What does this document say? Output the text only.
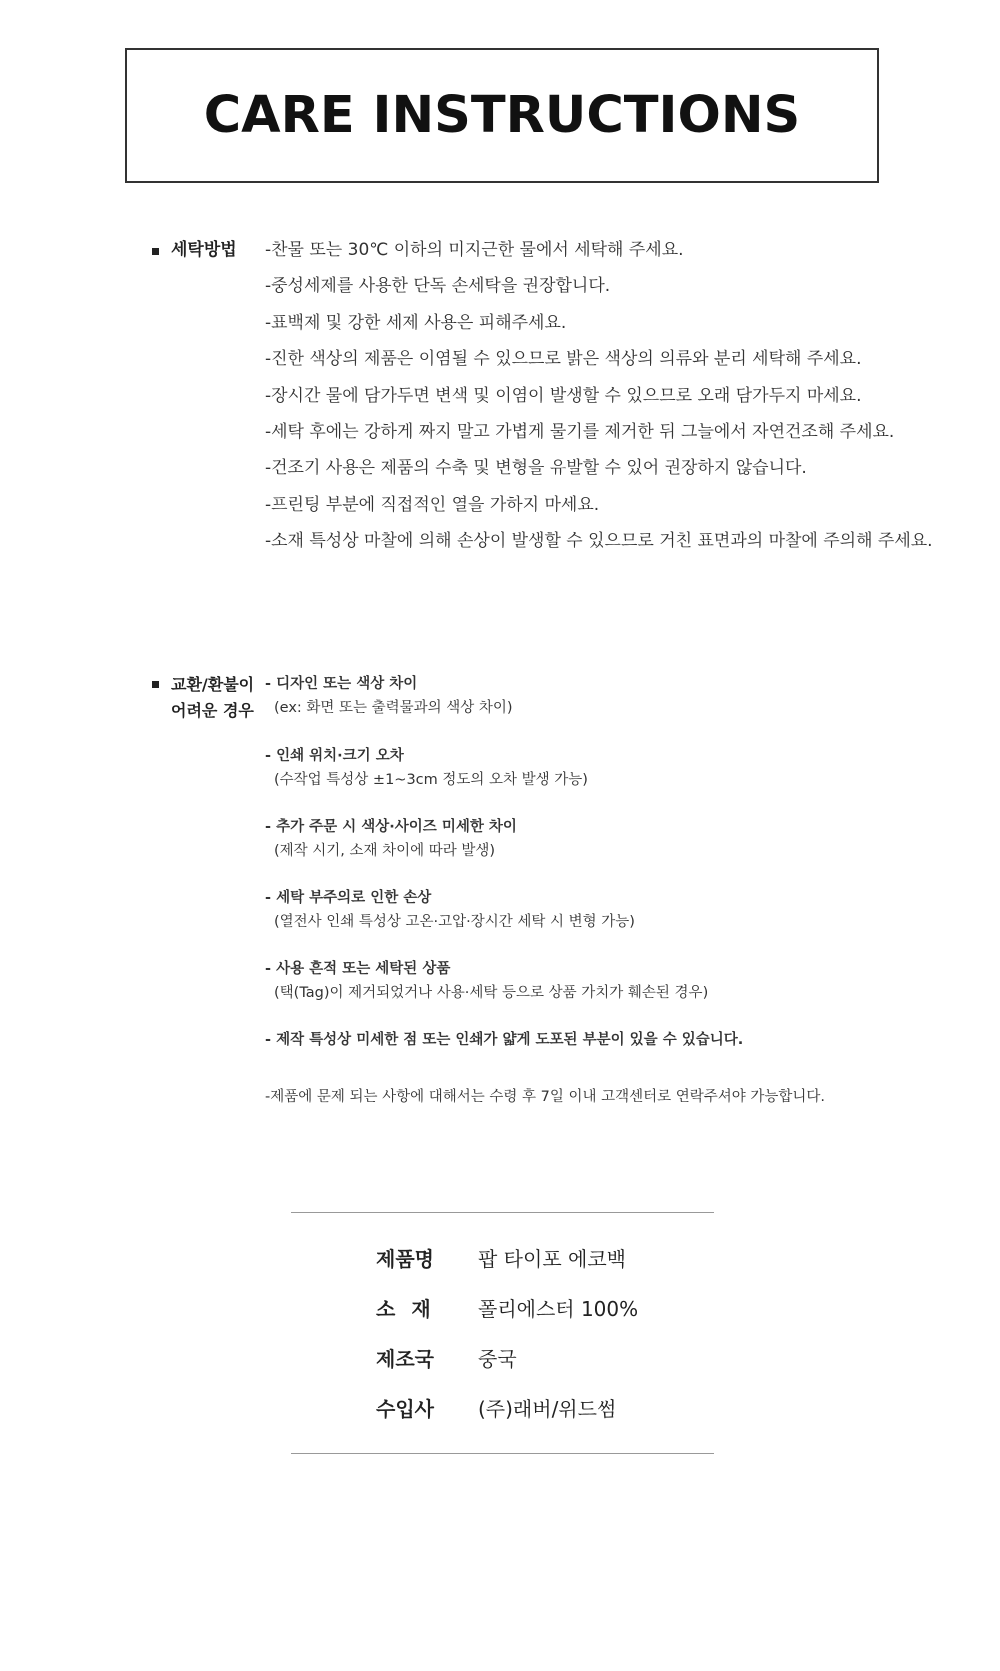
CARE INSTRUCTIONS
세탁방법 -찬물 또는 30℃ 이하의 미지근한 물에서 세탁해 주세요.
-중성세제를 사용한 단독 손세탁을 권장합니다.
-표백제 및 강한 세제 사용은 피해주세요.
-진한 색상의 제품은 이염될 수 있으므로 밝은 색상의 의류와 분리 세탁해 주세요.
-장시간 물에 담가두면 변색 및 이염이 발생할 수 있으므로 오래 담가두지 마세요.
-세탁 후에는 강하게 짜지 말고 가볍게 물기를 제거한 뒤 그늘에서 자연건조해 주세요.
-건조기 사용은 제품의 수축 및 변형을 유발할 수 있어 권장하지 않습니다.
-프린팅 부분에 직접적인 열을 가하지 마세요.
-소재 특성상 마찰에 의해 손상이 발생할 수 있으므로 거친 표면과의 마찰에 주의해 주세요.
교환/환불이
어려운 경우
- 디자인 또는 색상 차이
(ex: 화면 또는 출력물과의 색상 차이)
- 인쇄 위치·크기 오차
(수작업 특성상 ±1~3cm 정도의 오차 발생 가능)
- 추가 주문 시 색상·사이즈 미세한 차이
(제작 시기, 소재 차이에 따라 발생)
- 세탁 부주의로 인한 손상
(열전사 인쇄 특성상 고온·고압·장시간 세탁 시 변형 가능)
- 사용 흔적 또는 세탁된 상품
(택(Tag)이 제거되었거나 사용·세탁 등으로 상품 가치가 훼손된 경우)
- 제작 특성상 미세한 점 또는 인쇄가 얇게 도포된 부분이 있을 수 있습니다.
-제품에 문제 되는 사항에 대해서는 수령 후 7일 이내 고객센터로 연락주셔야 가능합니다.
제품명	팝 타이포 에코백
소재 폴리에스터 100%
제조국	중국
수입사	(주)래버/위드썸
